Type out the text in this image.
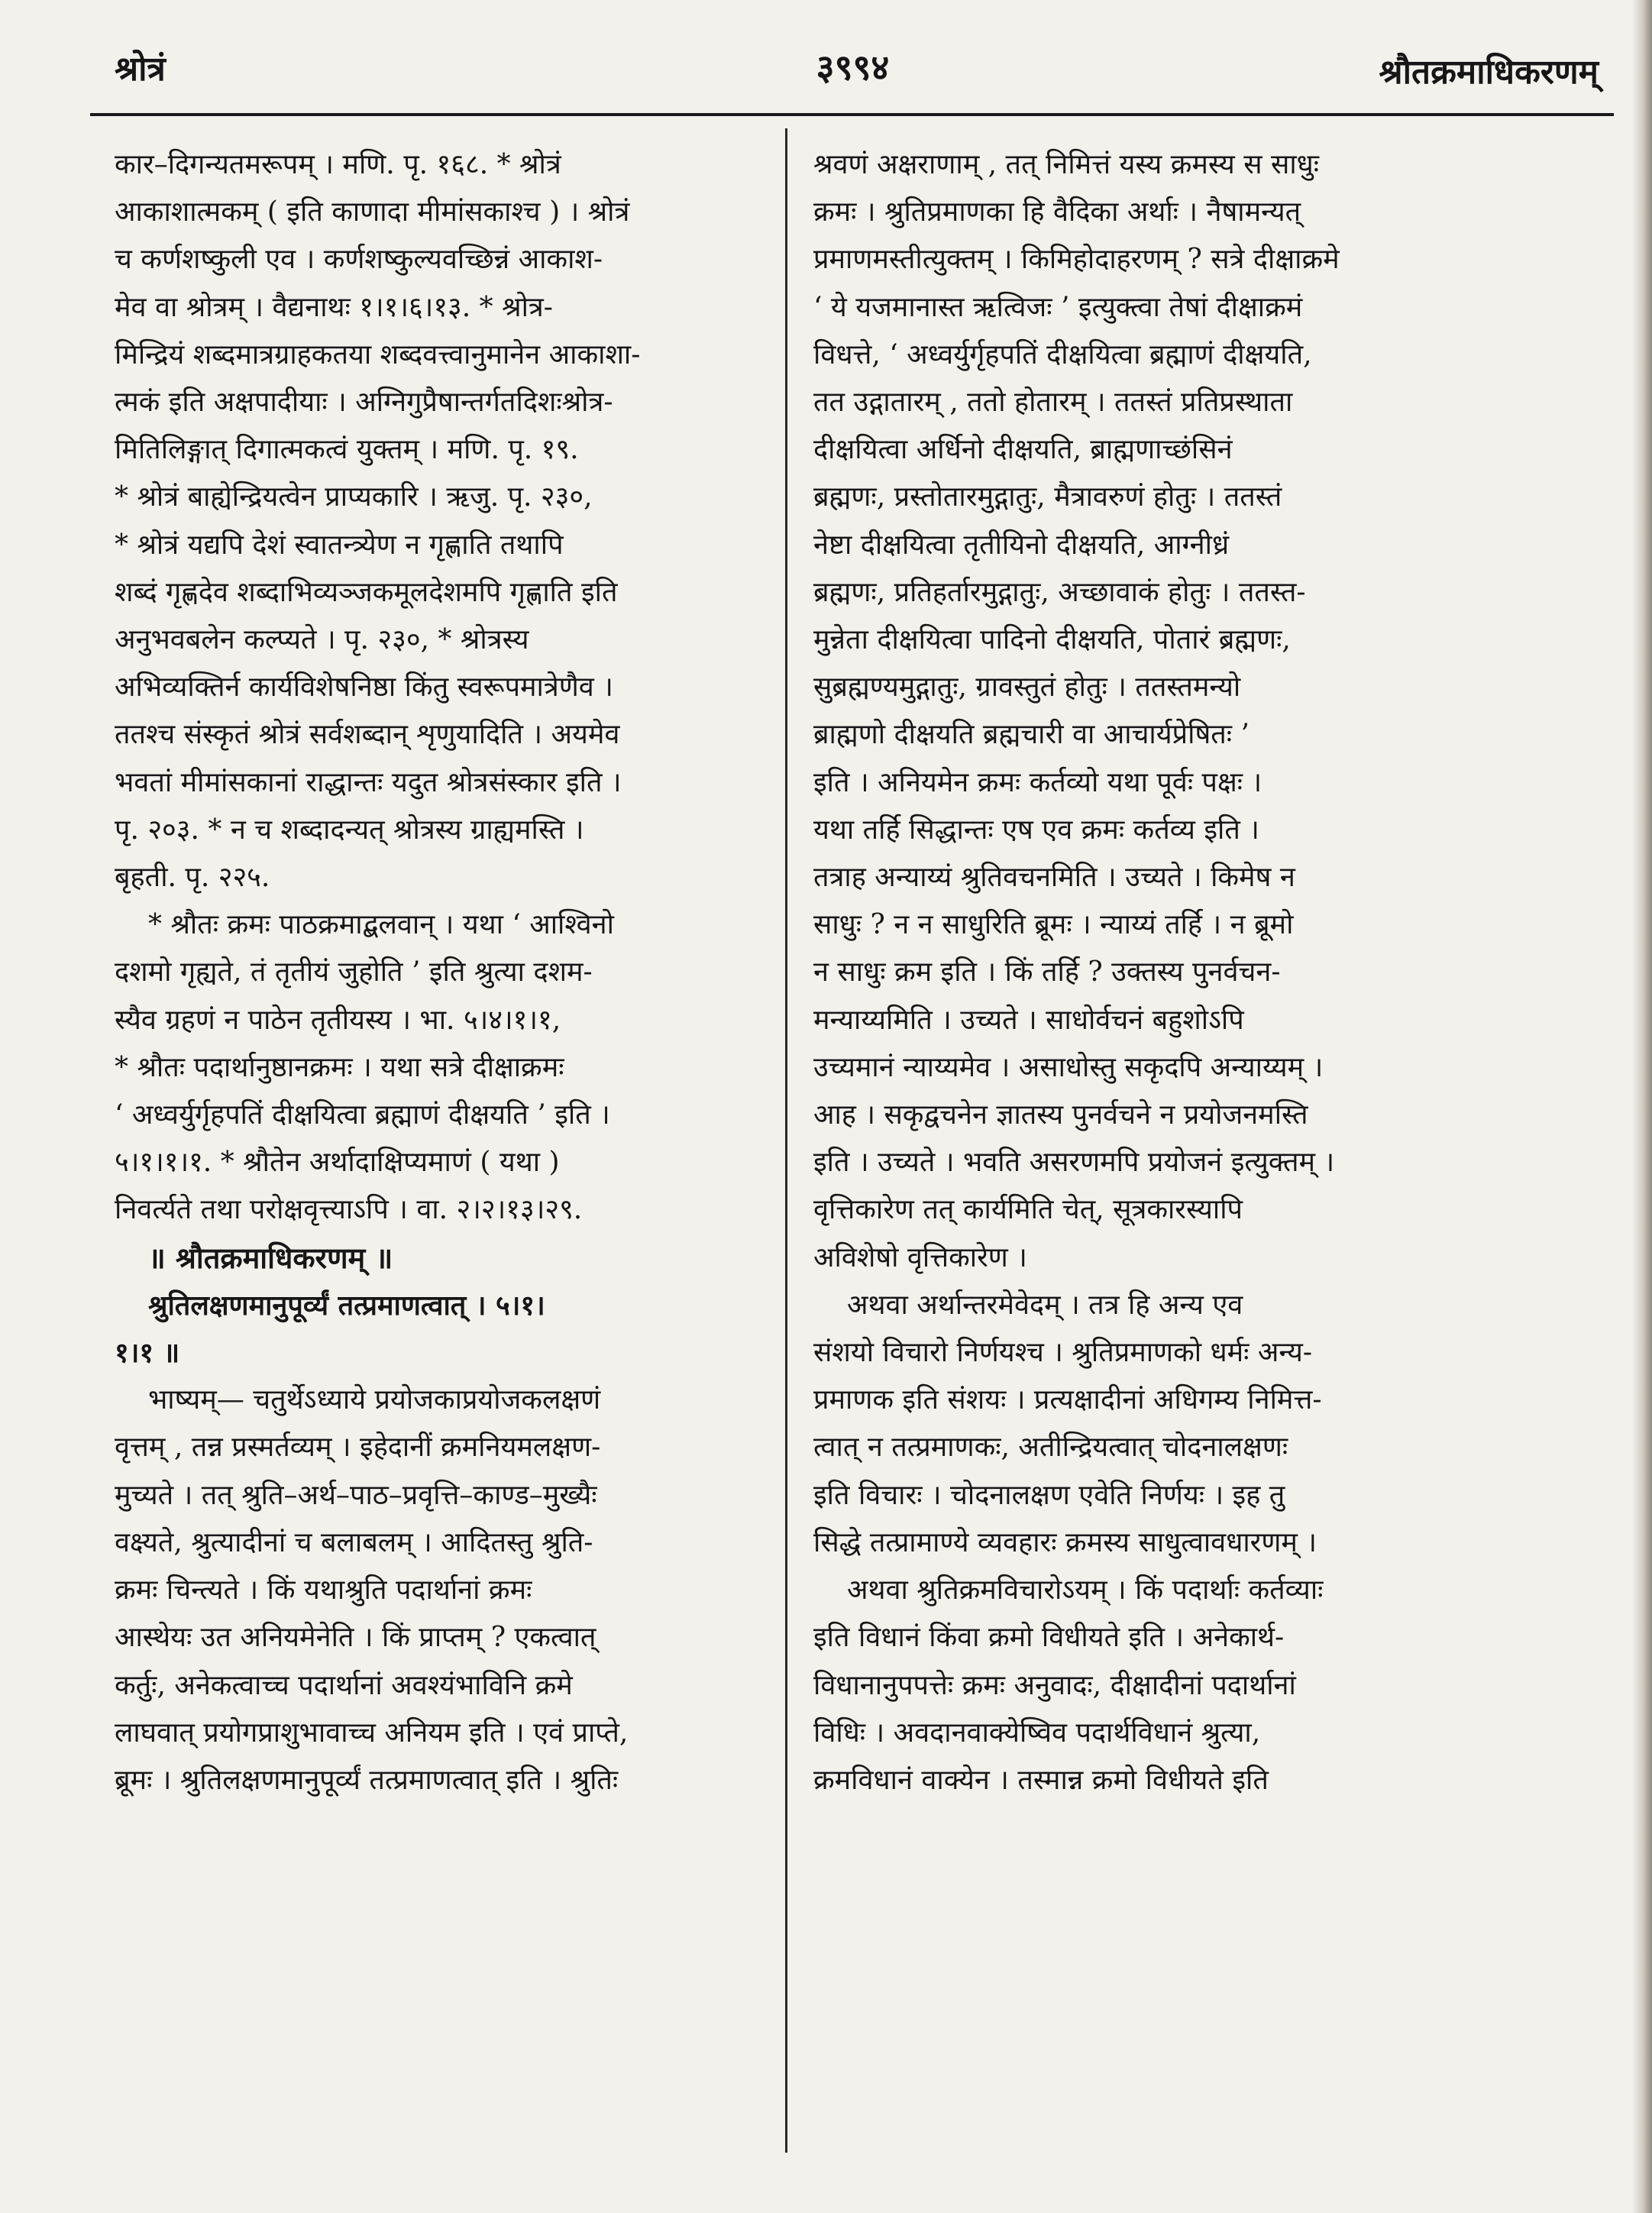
श्रोत्रं	३९९४	श्रौतक्रमाधिकरणम्
कार–दिगन्यतमरूपम् । मणि. पृ. १६८. * श्रोत्रं
आकाशात्मकम् ( इति काणादा मीमांसकाश्च ) । श्रोत्रं
च कर्णशष्कुली एव । कर्णशष्कुल्यवच्छिन्नं आकाश-
मेव वा श्रोत्रम् । वैद्यनाथः १।१।६।१३. * श्रोत्र-
मिन्द्रियं शब्दमात्रग्राहकतया शब्दवत्त्वानुमानेन आकाशा-
त्मकं इति अक्षपादीयाः । अग्निगुप्रैषान्तर्गतदिशःश्रोत्र-
मितिलिङ्गात् दिगात्मकत्वं युक्तम् । मणि. पृ. १९.
* श्रोत्रं बाह्येन्द्रियत्वेन प्राप्यकारि । ऋजु. पृ. २३०,
* श्रोत्रं यद्यपि देशं स्वातन्त्र्येण न गृह्णाति तथापि
शब्दं गृह्णदेव शब्दाभिव्यञ्जकमूलदेशमपि गृह्णाति इति
अनुभवबलेन कल्प्यते । पृ. २३०, * श्रोत्रस्य
अभिव्यक्तिर्न कार्यविशेषनिष्ठा किंतु स्वरूपमात्रेणैव ।
ततश्च संस्कृतं श्रोत्रं सर्वशब्दान् शृणुयादिति । अयमेव
भवतां मीमांसकानां राद्धान्तः यदुत श्रोत्रसंस्कार इति ।
पृ. २०३. * न च शब्दादन्यत् श्रोत्रस्य ग्राह्यमस्ति ।
बृहती. पृ. २२५.
* श्रौतः क्रमः पाठक्रमाद्बलवान् । यथा ‘ आश्विनो
दशमो गृह्यते, तं तृतीयं जुहोति ’ इति श्रुत्या दशम-
स्यैव ग्रहणं न पाठेन तृतीयस्य । भा. ५।४।१।१,
* श्रौतः पदार्थानुष्ठानक्रमः । यथा सत्रे दीक्षाक्रमः
‘ अध्वर्युर्गृहपतिं दीक्षयित्वा ब्रह्माणं दीक्षयति ’ इति ।
५।१।१।१. * श्रौतेन अर्थादाक्षिप्यमाणं ( यथा )
निवर्त्यते तथा परोक्षवृत्त्याऽपि । वा. २।२।१३।२९.
॥ श्रौतक्रमाधिकरणम् ॥
श्रुतिलक्षणमानुपूर्व्यं तत्प्रमाणत्वात् । ५।१।
१।१ ॥
भाष्यम्— चतुर्थेऽध्याये प्रयोजकाप्रयोजकलक्षणं
वृत्तम् , तन्न प्रस्मर्तव्यम् । इहेदानीं क्रमनियमलक्षण-
मुच्यते । तत् श्रुति–अर्थ–पाठ–प्रवृत्ति–काण्ड–मुख्यैः
वक्ष्यते, श्रुत्यादीनां च बलाबलम् । आदितस्तु श्रुति-
क्रमः चिन्त्यते । किं यथाश्रुति पदार्थानां क्रमः
आस्थेयः उत अनियमेनेति । किं प्राप्तम् ? एकत्वात्
कर्तुः, अनेकत्वाच्च पदार्थानां अवश्यंभाविनि क्रमे
लाघवात् प्रयोगप्राशुभावाच्च अनियम इति । एवं प्राप्ते,
ब्रूमः । श्रुतिलक्षणमानुपूर्व्यं तत्प्रमाणत्वात् इति । श्रुतिः
श्रवणं अक्षराणाम् , तत् निमित्तं यस्य क्रमस्य स साधुः
क्रमः । श्रुतिप्रमाणका हि वैदिका अर्थाः । नैषामन्यत्
प्रमाणमस्तीत्युक्तम् । किमिहोदाहरणम् ? सत्रे दीक्षाक्रमे
‘ ये यजमानास्त ऋत्विजः ’ इत्युक्त्वा तेषां दीक्षाक्रमं
विधत्ते, ‘ अध्वर्युर्गृहपतिं दीक्षयित्वा ब्रह्माणं दीक्षयति,
तत उद्गातारम् , ततो होतारम् । ततस्तं प्रतिप्रस्थाता
दीक्षयित्वा अर्धिनो दीक्षयति, ब्राह्मणाच्छंसिनं
ब्रह्मणः, प्रस्तोतारमुद्गातुः, मैत्रावरुणं होतुः । ततस्तं
नेष्टा दीक्षयित्वा तृतीयिनो दीक्षयति, आग्नीध्रं
ब्रह्मणः, प्रतिहर्तारमुद्गातुः, अच्छावाकं होतुः । ततस्त-
मुन्नेता दीक्षयित्वा पादिनो दीक्षयति, पोतारं ब्रह्मणः,
सुब्रह्मण्यमुद्गातुः, ग्रावस्तुतं होतुः । ततस्तमन्यो
ब्राह्मणो दीक्षयति ब्रह्मचारी वा आचार्यप्रेषितः ’
इति । अनियमेन क्रमः कर्तव्यो यथा पूर्वः पक्षः ।
यथा तर्हि सिद्धान्तः एष एव क्रमः कर्तव्य इति ।
तत्राह अन्याय्यं श्रुतिवचनमिति । उच्यते । किमेष न
साधुः ? न न साधुरिति ब्रूमः । न्याय्यं तर्हि । न ब्रूमो
न साधुः क्रम इति । किं तर्हि ? उक्तस्य पुनर्वचन-
मन्याय्यमिति । उच्यते । साधोर्वचनं बहुशोऽपि
उच्यमानं न्याय्यमेव । असाधोस्तु सकृदपि अन्याय्यम् ।
आह । सकृद्वचनेन ज्ञातस्य पुनर्वचने न प्रयोजनमस्ति
इति । उच्यते । भवति असरणमपि प्रयोजनं इत्युक्तम् ।
वृत्तिकारेण तत् कार्यमिति चेत्, सूत्रकारस्यापि
अविशेषो वृत्तिकारेण ।
अथवा अर्थान्तरमेवेदम् । तत्र हि अन्य एव
संशयो विचारो निर्णयश्च । श्रुतिप्रमाणको धर्मः अन्य-
प्रमाणक इति संशयः । प्रत्यक्षादीनां अधिगम्य निमित्त-
त्वात् न तत्प्रमाणकः, अतीन्द्रियत्वात् चोदनालक्षणः
इति विचारः । चोदनालक्षण एवेति निर्णयः । इह तु
सिद्धे तत्प्रामाण्ये व्यवहारः क्रमस्य साधुत्वावधारणम् ।
अथवा श्रुतिक्रमविचारोऽयम् । किं पदार्थाः कर्तव्याः
इति विधानं किंवा क्रमो विधीयते इति । अनेकार्थ-
विधानानुपपत्तेः क्रमः अनुवादः, दीक्षादीनां पदार्थानां
विधिः । अवदानवाक्येष्विव पदार्थविधानं श्रुत्या,
क्रमविधानं वाक्येन । तस्मान्न क्रमो विधीयते इति
